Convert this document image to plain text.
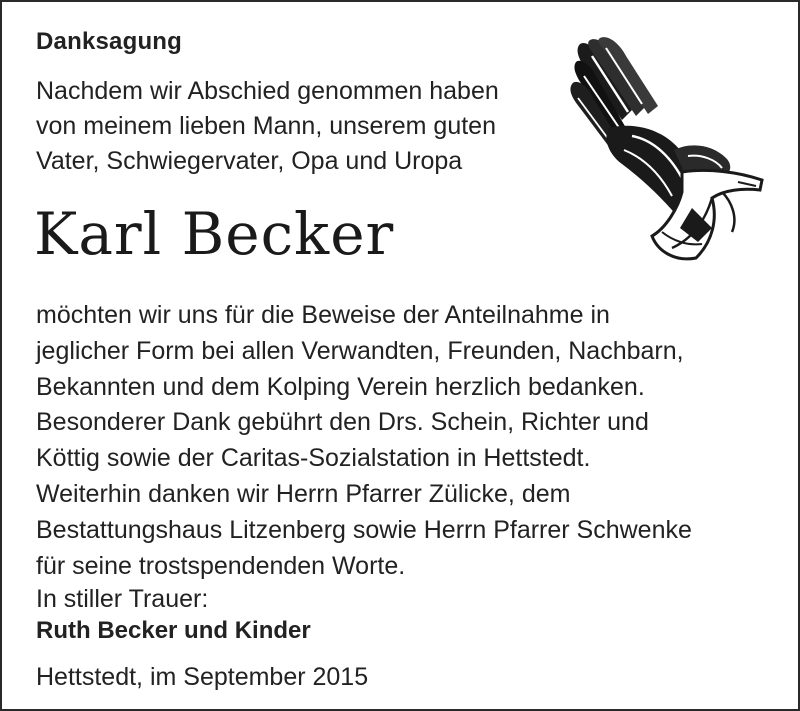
Danksagung
Nachdem wir Abschied genommen haben
von meinem lieben Mann, unserem guten
Vater, Schwiegervater, Opa und Uropa
Karl Becker
möchten wir uns für die Beweise der Anteilnahme in
jeglicher Form bei allen Verwandten, Freunden, Nachbarn,
Bekannten und dem Kolping Verein herzlich bedanken.
Besonderer Dank gebührt den Drs. Schein, Richter und
Köttig sowie der Caritas-Sozialstation in Hettstedt.
Weiterhin danken wir Herrn Pfarrer Zülicke, dem
Bestattungshaus Litzenberg sowie Herrn Pfarrer Schwenke
für seine trostspendenden Worte.
In stiller Trauer:
Ruth Becker und Kinder
Hettstedt, im September 2015
